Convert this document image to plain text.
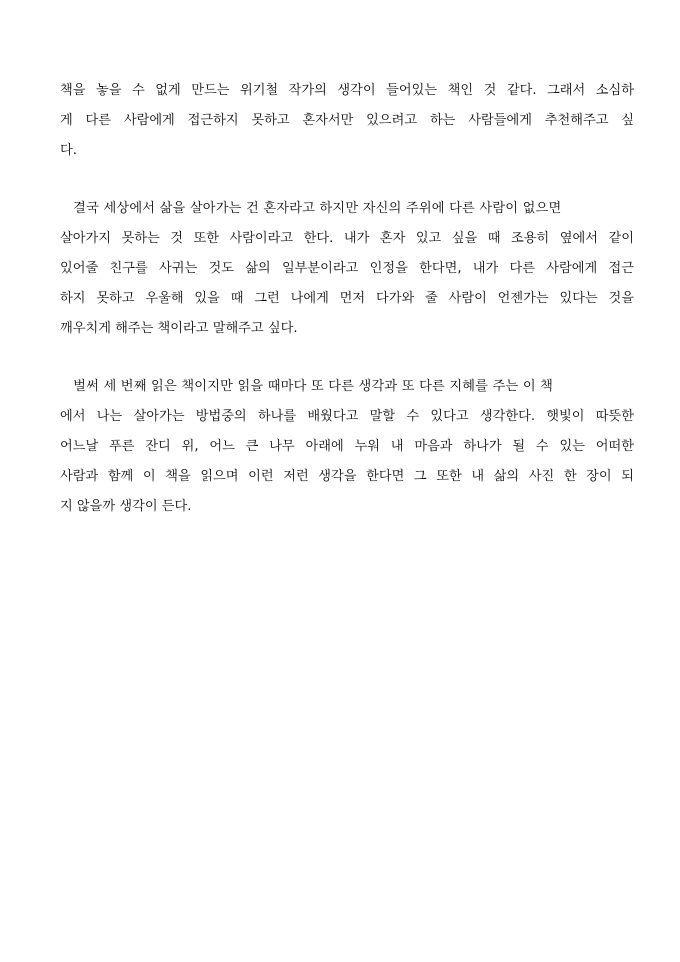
책을 놓을 수 없게 만드는 위기철 작가의 생각이 들어있는 책인 것 같다. 그래서 소심하
게 다른 사람에게 접근하지 못하고 혼자서만 있으려고 하는 사람들에게 추천해주고 싶
다.
결국 세상에서 삶을 살아가는 건 혼자라고 하지만 자신의 주위에 다른 사람이 없으면
살아가지 못하는 것 또한 사람이라고 한다. 내가 혼자 있고 싶을 때 조용히 옆에서 같이
있어줄 친구를 사귀는 것도 삶의 일부분이라고 인정을 한다면, 내가 다른 사람에게 접근
하지 못하고 우울해 있을 때 그런 나에게 먼저 다가와 줄 사람이 언젠가는 있다는 것을
깨우치게 해주는 책이라고 말해주고 싶다.
벌써 세 번째 읽은 책이지만 읽을 때마다 또 다른 생각과 또 다른 지혜를 주는 이 책
에서 나는 살아가는 방법중의 하나를 배웠다고 말할 수 있다고 생각한다. 햇빛이 따뜻한
어느날 푸른 잔디 위, 어느 큰 나무 아래에 누워 내 마음과 하나가 될 수 있는 어떠한
사람과 함께 이 책을 읽으며 이런 저런 생각을 한다면 그 또한 내 삶의 사진 한 장이 되
지 않을까 생각이 든다.
